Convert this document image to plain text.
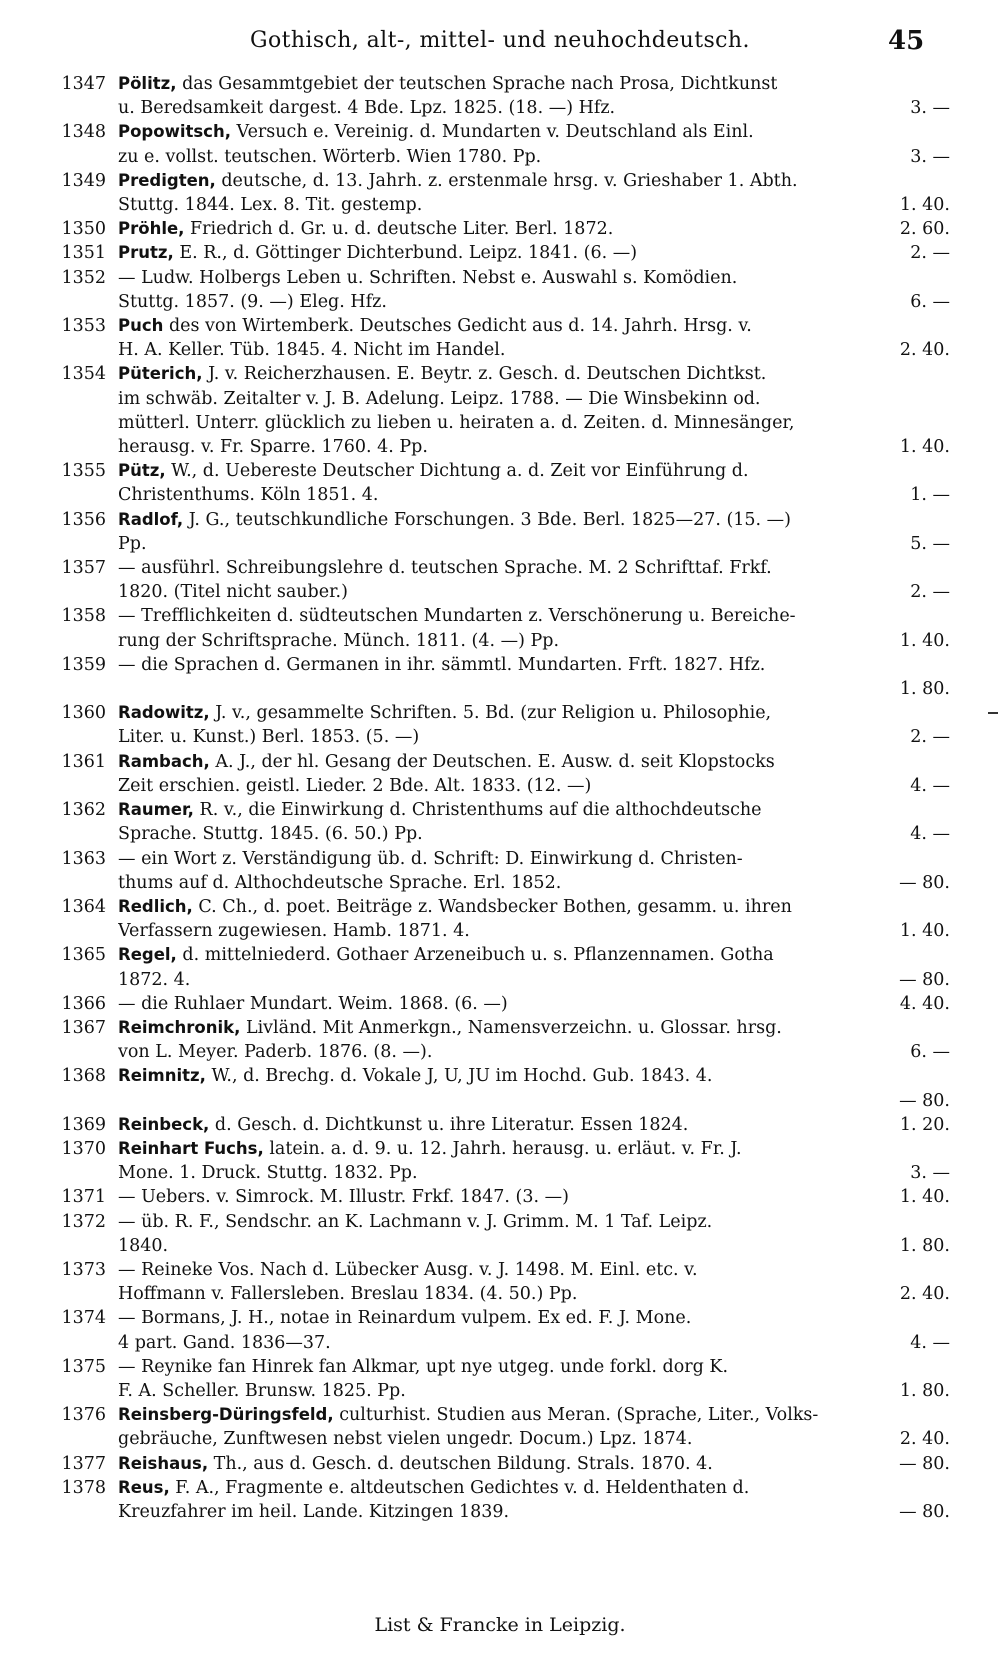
Gothisch, alt-, mittel- und neuhochdeutsch.	45
1347 Pölitz, das Gesammtgebiet der teutschen Sprache nach Prosa, Dichtkunst
u. Beredsamkeit dargest. 4 Bde. Lpz. 1825. (18. —) Hfz.	3. —
1348 Popowitsch, Versuch e. Vereinig. d. Mundarten v. Deutschland als Einl.
zu e. vollst. teutschen. Wörterb. Wien 1780. Pp.	3. —
1349 Predigten, deutsche, d. 13. Jahrh. z. erstenmale hrsg. v. Grieshaber 1. Abth.
Stuttg. 1844. Lex. 8. Tit. gestemp.	1. 40.
1350 Pröhle, Friedrich d. Gr. u. d. deutsche Liter. Berl. 1872.	2. 60.
1351 Prutz, E. R., d. Göttinger Dichterbund. Leipz. 1841. (6. —)	2. —
1352 — Ludw. Holbergs Leben u. Schriften. Nebst e. Auswahl s. Komödien.
Stuttg. 1857. (9. —) Eleg. Hfz.	6. —
1353 Puch des von Wirtemberk. Deutsches Gedicht aus d. 14. Jahrh. Hrsg. v.
H. A. Keller. Tüb. 1845. 4. Nicht im Handel.	2. 40.
1354 Püterich, J. v. Reicherzhausen. E. Beytr. z. Gesch. d. Deutschen Dichtkst.
im schwäb. Zeitalter v. J. B. Adelung. Leipz. 1788. — Die Winsbekinn od.
mütterl. Unterr. glücklich zu lieben u. heiraten a. d. Zeiten. d. Minnesänger,
herausg. v. Fr. Sparre. 1760. 4. Pp.	1. 40.
1355 Pütz, W., d. Uebereste Deutscher Dichtung a. d. Zeit vor Einführung d.
Christenthums. Köln 1851. 4.	1. —
1356 Radlof, J. G., teutschkundliche Forschungen. 3 Bde. Berl. 1825—27. (15. —)
Pp.	5. —
1357 — ausführl. Schreibungslehre d. teutschen Sprache. M. 2 Schrifttaf. Frkf.
1820. (Titel nicht sauber.)	2. —
1358 — Trefflichkeiten d. südteutschen Mundarten z. Verschönerung u. Bereiche-
rung der Schriftsprache. Münch. 1811. (4. —) Pp.	1. 40.
1359 — die Sprachen d. Germanen in ihr. sämmtl. Mundarten. Frft. 1827. Hfz.
1. 80.
1360 Radowitz, J. v., gesammelte Schriften. 5. Bd. (zur Religion u. Philosophie,
Liter. u. Kunst.) Berl. 1853. (5. —)	2. —
1361 Rambach, A. J., der hl. Gesang der Deutschen. E. Ausw. d. seit Klopstocks
Zeit erschien. geistl. Lieder. 2 Bde. Alt. 1833. (12. —)	4. —
1362 Raumer, R. v., die Einwirkung d. Christenthums auf die althochdeutsche
Sprache. Stuttg. 1845. (6. 50.) Pp.	4. —
1363 — ein Wort z. Verständigung üb. d. Schrift: D. Einwirkung d. Christen-
thums auf d. Althochdeutsche Sprache. Erl. 1852.	— 80.
1364 Redlich, C. Ch., d. poet. Beiträge z. Wandsbecker Bothen, gesamm. u. ihren
Verfassern zugewiesen. Hamb. 1871. 4.	1. 40.
1365 Regel, d. mittelniederd. Gothaer Arzeneibuch u. s. Pflanzennamen. Gotha
1872. 4.	— 80.
1366 — die Ruhlaer Mundart. Weim. 1868. (6. —)	4. 40.
1367 Reimchronik, Livländ. Mit Anmerkgn., Namensverzeichn. u. Glossar. hrsg.
von L. Meyer. Paderb. 1876. (8. —).	6. —
1368 Reimnitz, W., d. Brechg. d. Vokale J, U, JU im Hochd. Gub. 1843. 4.
— 80.
1369 Reinbeck, d. Gesch. d. Dichtkunst u. ihre Literatur. Essen 1824.	1. 20.
1370 Reinhart Fuchs, latein. a. d. 9. u. 12. Jahrh. herausg. u. erläut. v. Fr. J.
Mone. 1. Druck. Stuttg. 1832. Pp.	3. —
1371 — Uebers. v. Simrock. M. Illustr. Frkf. 1847. (3. —)	1. 40.
1372 — üb. R. F., Sendschr. an K. Lachmann v. J. Grimm. M. 1 Taf. Leipz.
1840.	1. 80.
1373 — Reineke Vos. Nach d. Lübecker Ausg. v. J. 1498. M. Einl. etc. v.
Hoffmann v. Fallersleben. Breslau 1834. (4. 50.) Pp.	2. 40.
1374 — Bormans, J. H., notae in Reinardum vulpem. Ex ed. F. J. Mone.
4 part. Gand. 1836—37.	4. —
1375 — Reynike fan Hinrek fan Alkmar, upt nye utgeg. unde forkl. dorg K.
F. A. Scheller. Brunsw. 1825. Pp.	1. 80.
1376 Reinsberg-Düringsfeld, culturhist. Studien aus Meran. (Sprache, Liter., Volks-
gebräuche, Zunftwesen nebst vielen ungedr. Docum.) Lpz. 1874.	2. 40.
1377 Reishaus, Th., aus d. Gesch. d. deutschen Bildung. Strals. 1870. 4.	— 80.
1378 Reus, F. A., Fragmente e. altdeutschen Gedichtes v. d. Heldenthaten d.
Kreuzfahrer im heil. Lande. Kitzingen 1839.	— 80.
List & Francke in Leipzig.
